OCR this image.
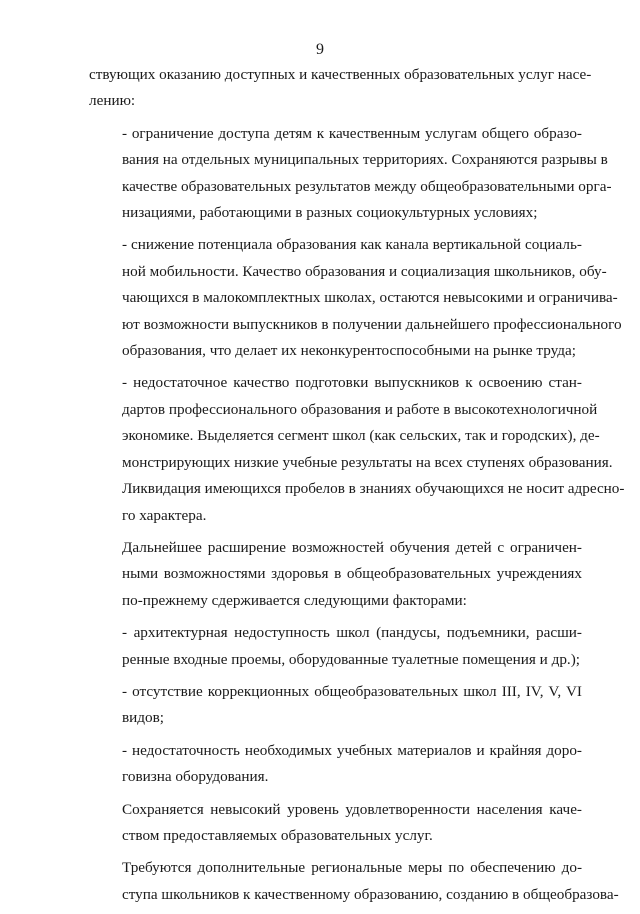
9

ствующих оказанию доступных и качественных образовательных услуг насе-
лению:

- ограничение доступа детям к качественным услугам общего образо-
вания на отдельных муниципальных территориях. Сохраняются разрывы в
качестве образовательных результатов между общеобразовательными орга-
низациями, работающими в разных социокультурных условиях;

- снижение потенциала образования как канала вертикальной социаль-
ной мобильности. Качество образования и социализация школьников, обу-
чающихся в малокомплектных школах, остаются невысокими и ограничива-
ют возможности выпускников в получении дальнейшего профессионального
образования, что делает их неконкурентоспособными на рынке труда;

- недостаточное качество подготовки выпускников к освоению стан-
дартов профессионального образования и работе в высокотехнологичной
экономике. Выделяется сегмент школ (как сельских, так и городских), де-
монстрирующих низкие учебные результаты на всех ступенях образования.
Ликвидация имеющихся пробелов в знаниях обучающихся не носит адресно-
го характера.

Дальнейшее расширение возможностей обучения детей с ограничен-
ными возможностями здоровья в общеобразовательных учреждениях
по-прежнему сдерживается следующими факторами:

- архитектурная недоступность школ (пандусы, подъемники, расши-
ренные входные проемы, оборудованные туалетные помещения и др.);

- отсутствие коррекционных общеобразовательных школ III, IV, V, VI
видов;

- недостаточность необходимых учебных материалов и крайняя доро-
говизна оборудования.

Сохраняется невысокий уровень удовлетворенности населения каче-
ством предоставляемых образовательных услуг.

Требуются дополнительные региональные меры по обеспечению до-
ступа школьников к качественному образованию, созданию в общеобразова-
